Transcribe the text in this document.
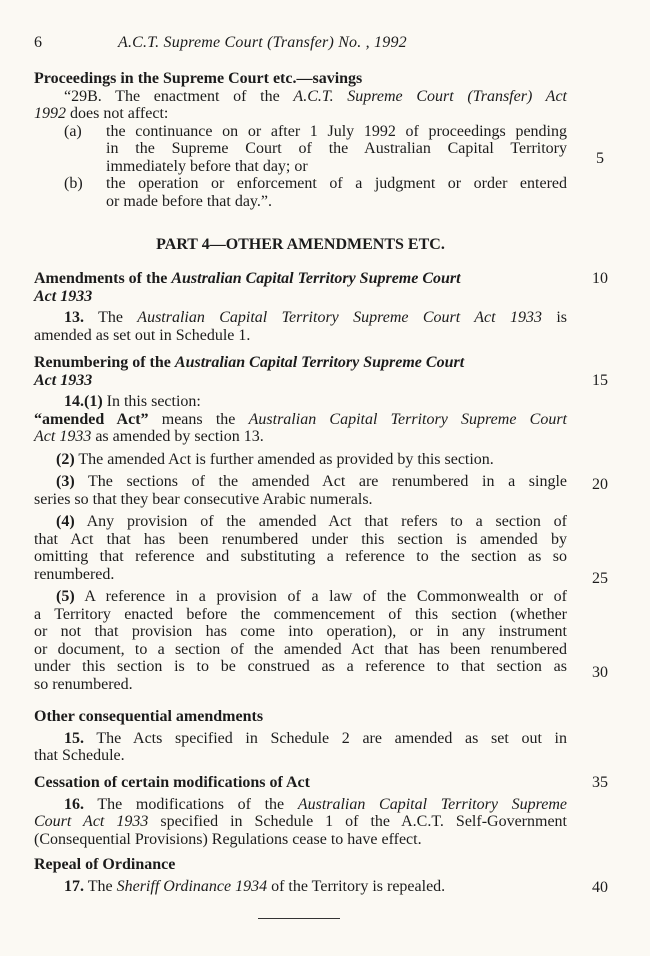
6	A.C.T. Supreme Court (Transfer) No. , 1992
Proceedings in the Supreme Court etc.—savings
“29B. The enactment of the A.C.T. Supreme Court (Transfer) Act
1992 does not affect:
(a)	the continuance on or after 1 July 1992 of proceedings pending
in the Supreme Court of the Australian Capital Territory
immediately before that day; or
(b)	the operation or enforcement of a judgment or order entered
or made before that day.”.
PART 4—OTHER AMENDMENTS ETC.
Amendments of the Australian Capital Territory Supreme Court
Act 1933
13. The Australian Capital Territory Supreme Court Act 1933 is
amended as set out in Schedule 1.
Renumbering of the Australian Capital Territory Supreme Court
Act 1933
14.(1) In this section:
“amended Act” means the Australian Capital Territory Supreme Court
Act 1933 as amended by section 13.
(2) The amended Act is further amended as provided by this section.
(3) The sections of the amended Act are renumbered in a single
series so that they bear consecutive Arabic numerals.
(4) Any provision of the amended Act that refers to a section of
that Act that has been renumbered under this section is amended by
omitting that reference and substituting a reference to the section as so
renumbered.
(5) A reference in a provision of a law of the Commonwealth or of
a Territory enacted before the commencement of this section (whether
or not that provision has come into operation), or in any instrument
or document, to a section of the amended Act that has been renumbered
under this section is to be construed as a reference to that section as
so renumbered.
Other consequential amendments
15. The Acts specified in Schedule 2 are amended as set out in
that Schedule.
Cessation of certain modifications of Act
16. The modifications of the Australian Capital Territory Supreme
Court Act 1933 specified in Schedule 1 of the A.C.T. Self-Government
(Consequential Provisions) Regulations cease to have effect.
Repeal of Ordinance
17. The Sheriff Ordinance 1934 of the Territory is repealed.
5
10
15
20
25
30
35
40
